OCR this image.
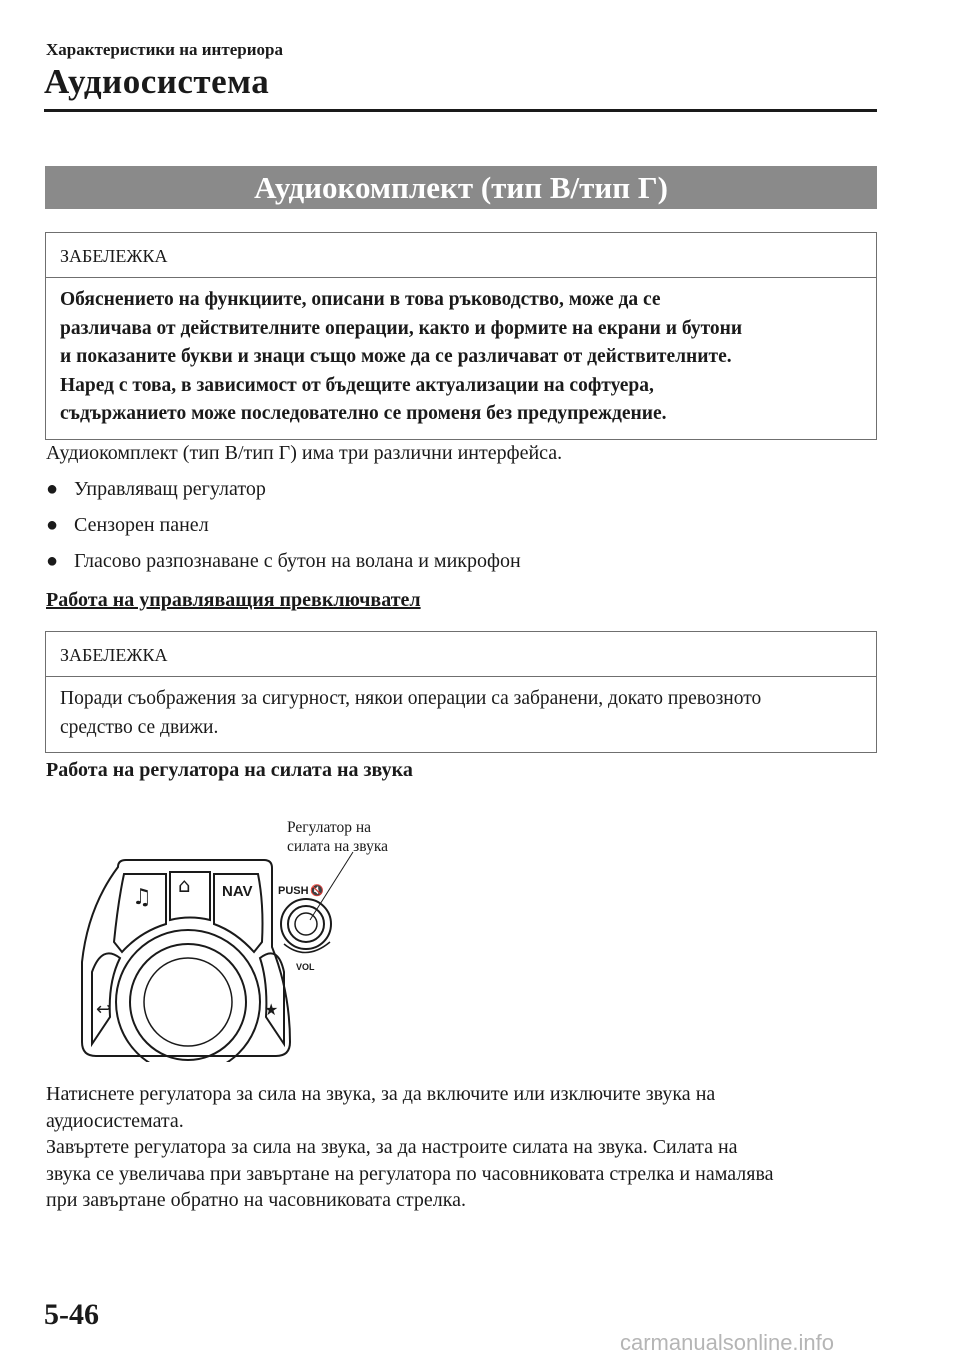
Характеристики на интериора
Аудиосистема
Аудиокомплект (тип В/тип Г)
ЗАБЕЛЕЖКА
Обяснението на функциите, описани в това ръководство, може да се
различава от действителните операции, както и формите на екрани и бутони
и показаните букви и знаци също може да се различават от действителните.
Наред с това, в зависимост от бъдещите актуализации на софтуера,
съдържанието може последователно се променя без предупреждение.
Аудиокомплект (тип В/тип Г) има три различни интерфейса.
● Управляващ регулатор
● Сензорен панел
● Гласово разпознаване с бутон на волана и микрофон
Работа на управляващия превключвател
ЗАБЕЛЕЖКА
Поради съображения за сигурност, някои операции са забранени, докато превозното
средство се движи.
Работа на регулатора на силата на звука
Регулатор на
силата на звука
♫ ⌂ NAV
↩	★
PUSH 🔇
VOL
Натиснете регулатора за сила на звука, за да включите или изключите звука на
аудиосистемата.
Завъртете регулатора за сила на звука, за да настроите силата на звука. Силата на
звука се увеличава при завъртане на регулатора по часовниковата стрелка и намалява
при завъртане обратно на часовниковата стрелка.
5-46
carmanualsonline.info
